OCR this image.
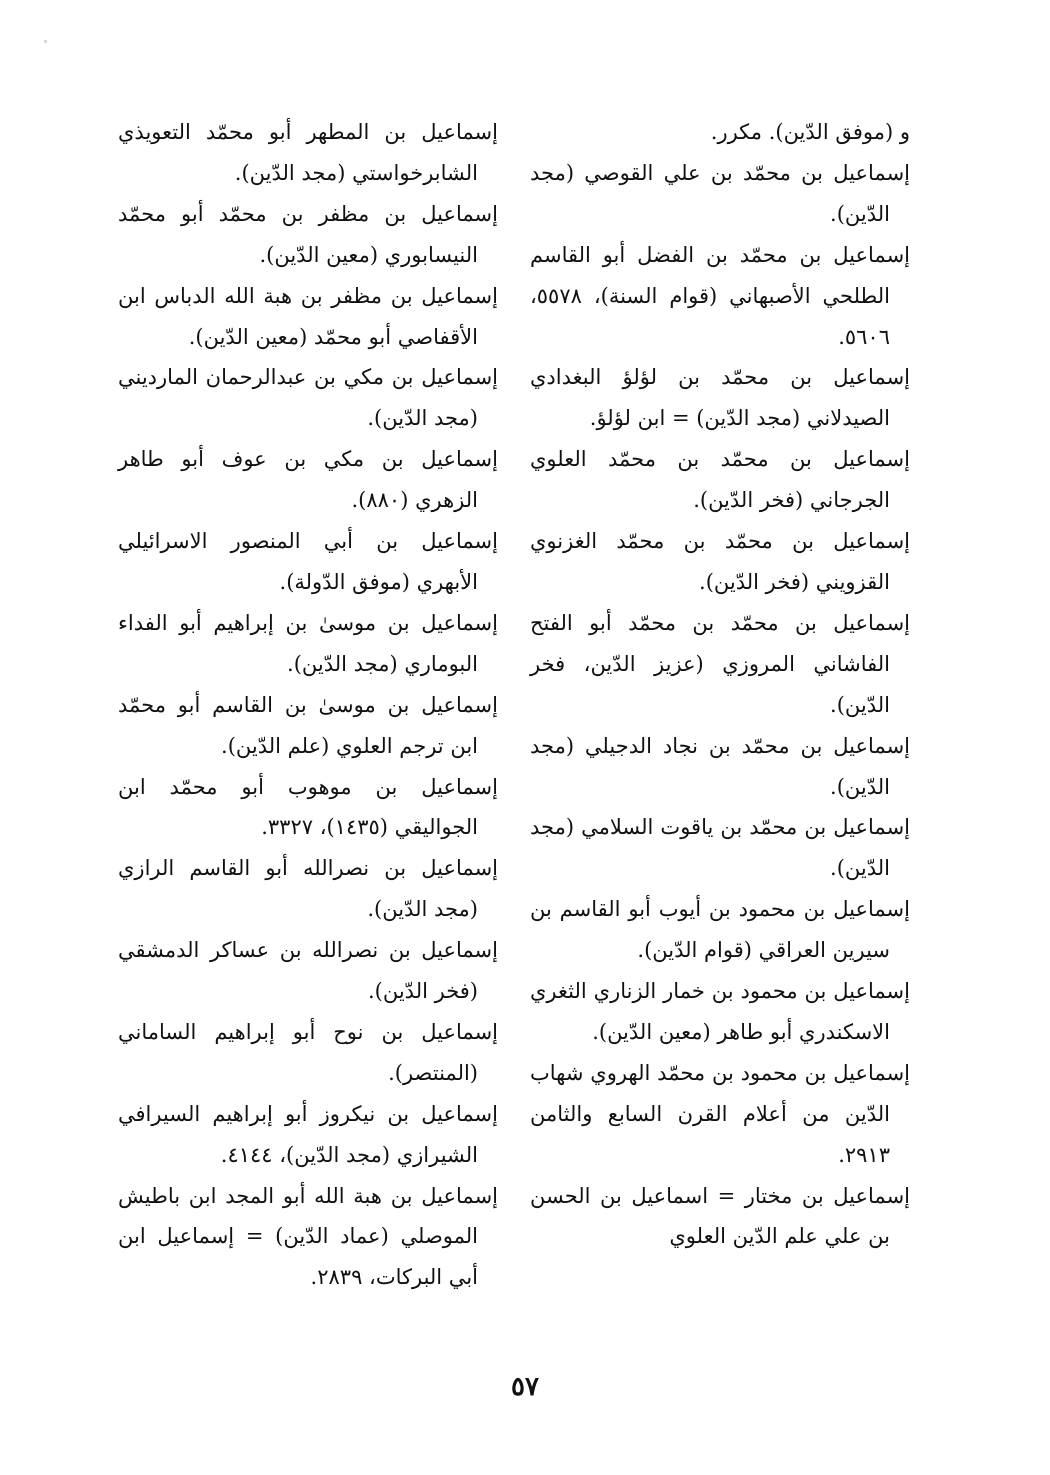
و (موفق الدّين). مكرر.

إسماعيل بن محمّد بن علي القوصي (مجد الدّين).

إسماعيل بن محمّد بن الفضل أبو القاسم الطلحي الأصبهاني (قوام السنة)، ٥٥٧٨، ٥٦٠٦.

إسماعيل بن محمّد بن لؤلؤ البغدادي الصيدلاني (مجد الدّين) = ابن لؤلؤ.

إسماعيل بن محمّد بن محمّد العلوي الجرجاني (فخر الدّين).

إسماعيل بن محمّد بن محمّد الغزنوي القزويني (فخر الدّين).

إسماعيل بن محمّد بن محمّد أبو الفتح الفاشاني المروزي (عزيز الدّين، فخر الدّين).

إسماعيل بن محمّد بن نجاد الدجيلي (مجد الدّين).

إسماعيل بن محمّد بن ياقوت السلامي (مجد الدّين).

إسماعيل بن محمود بن أيوب أبو القاسم بن سيرين العراقي (قوام الدّين).

إسماعيل بن محمود بن خمار الزناري الثغري الاسكندري أبو طاهر (معين الدّين).

إسماعيل بن محمود بن محمّد الهروي شهاب الدّين من أعلام القرن السابع والثامن ٢٩١٣.

إسماعيل بن مختار = اسماعيل بن الحسن بن علي علم الدّين العلوي

إسماعيل بن المطهر أبو محمّد التعويذي الشابرخواستي (مجد الدّين).

إسماعيل بن مظفر بن محمّد أبو محمّد النيسابوري (معين الدّين).

إسماعيل بن مظفر بن هبة الله الدباس ابن الأقفاصي أبو محمّد (معين الدّين).

إسماعيل بن مكي بن عبدالرحمان المارديني (مجد الدّين).

إسماعيل بن مكي بن عوف أبو طاهر الزهري (٨٨٠).

إسماعيل بن أبي المنصور الاسرائيلي الأبهري (موفق الدّولة).

إسماعيل بن موسىٰ بن إبراهيم أبو الفداء البوماري (مجد الدّين).

إسماعيل بن موسىٰ بن القاسم أبو محمّد ابن ترجم العلوي (علم الدّين).

إسماعيل بن موهوب أبو محمّد ابن الجواليقي (١٤٣٥)، ٣٣٢٧.

إسماعيل بن نصرالله أبو القاسم الرازي (مجد الدّين).

إسماعيل بن نصرالله بن عساكر الدمشقي (فخر الدّين).

إسماعيل بن نوح أبو إبراهيم الساماني (المنتصر).

إسماعيل بن نيكروز أبو إبراهيم السيرافي الشيرازي (مجد الدّين)، ٤١٤٤.

إسماعيل بن هبة الله أبو المجد ابن باطيش الموصلي (عماد الدّين) = إسماعيل ابن أبي البركات، ٢٨٣٩.

٥٧
